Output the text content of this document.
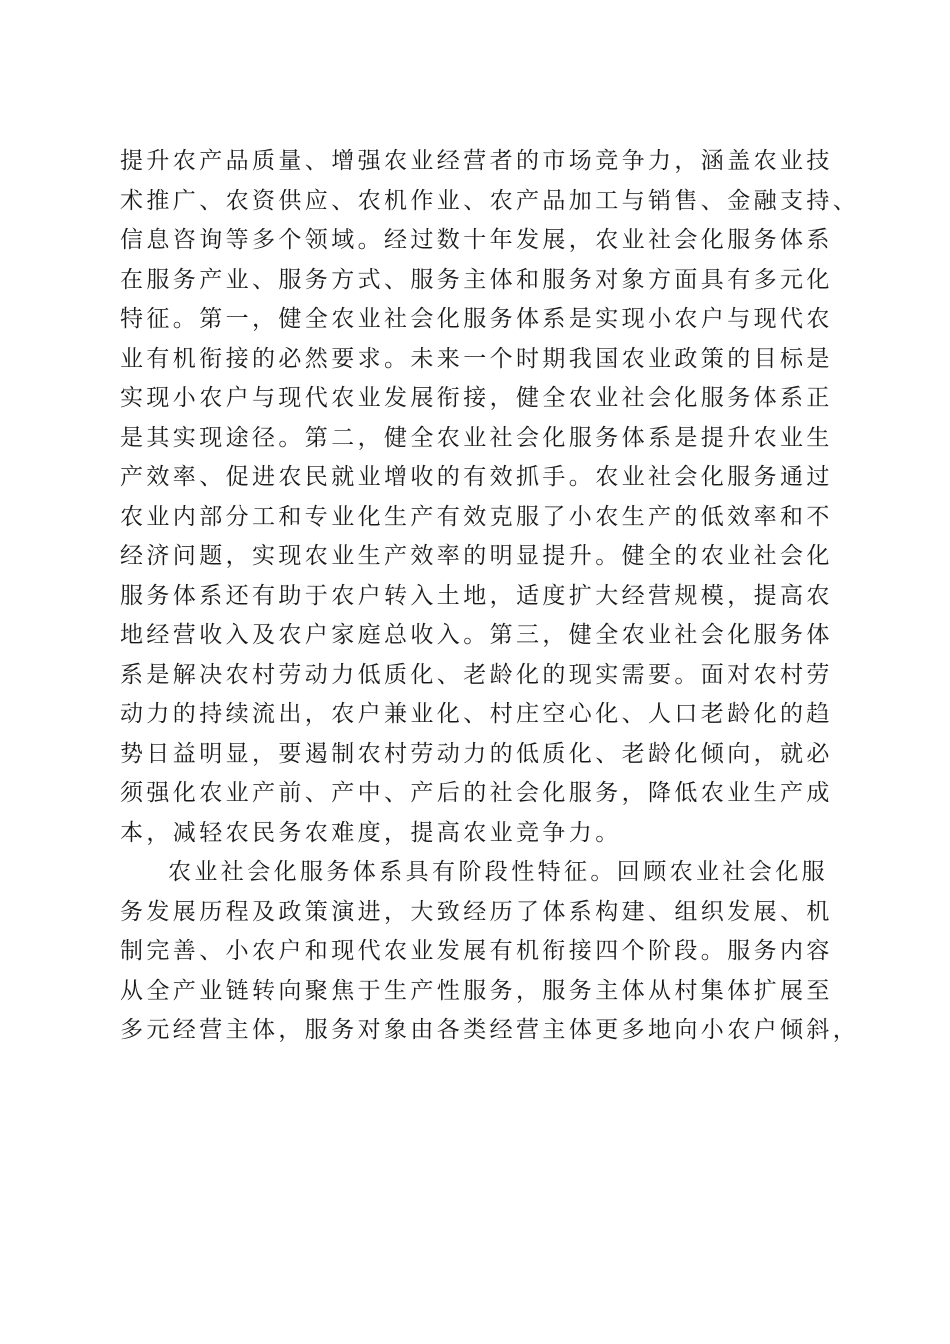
提升农产品质量、增强农业经营者的市场竞争力，涵盖农业技
术推广、农资供应、农机作业、农产品加工与销售、金融支持、
信息咨询等多个领域。经过数十年发展，农业社会化服务体系
在服务产业、服务方式、服务主体和服务对象方面具有多元化
特征。第一，健全农业社会化服务体系是实现小农户与现代农
业有机衔接的必然要求。未来一个时期我国农业政策的目标是
实现小农户与现代农业发展衔接，健全农业社会化服务体系正
是其实现途径。第二，健全农业社会化服务体系是提升农业生
产效率、促进农民就业增收的有效抓手。农业社会化服务通过
农业内部分工和专业化生产有效克服了小农生产的低效率和不
经济问题，实现农业生产效率的明显提升。健全的农业社会化
服务体系还有助于农户转入土地，适度扩大经营规模，提高农
地经营收入及农户家庭总收入。第三，健全农业社会化服务体
系是解决农村劳动力低质化、老龄化的现实需要。面对农村劳
动力的持续流出，农户兼业化、村庄空心化、人口老龄化的趋
势日益明显，要遏制农村劳动力的低质化、老龄化倾向，就必
须强化农业产前、产中、产后的社会化服务，降低农业生产成
本，减轻农民务农难度，提高农业竞争力。
农业社会化服务体系具有阶段性特征。回顾农业社会化服
务发展历程及政策演进，大致经历了体系构建、组织发展、机
制完善、小农户和现代农业发展有机衔接四个阶段。服务内容
从全产业链转向聚焦于生产性服务，服务主体从村集体扩展至
多元经营主体，服务对象由各类经营主体更多地向小农户倾斜，
